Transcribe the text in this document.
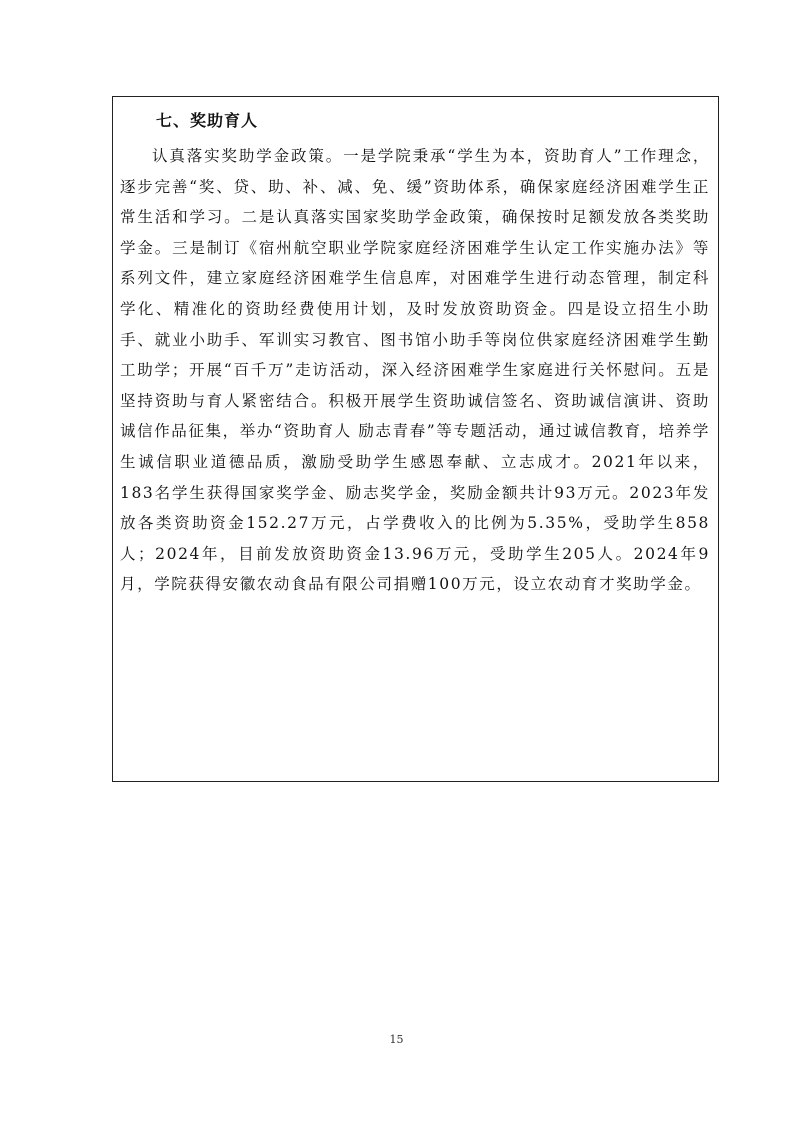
七、奖助育人

认真落实奖助学金政策。一是学院秉承“学生为本，资助育人”工作理念，逐步完善“奖、贷、助、补、减、免、缓”资助体系，确保家庭经济困难学生正常生活和学习。二是认真落实国家奖助学金政策，确保按时足额发放各类奖助学金。三是制订《宿州航空职业学院家庭经济困难学生认定工作实施办法》等系列文件，建立家庭经济困难学生信息库，对困难学生进行动态管理，制定科学化、精准化的资助经费使用计划，及时发放资助资金。四是设立招生小助手、就业小助手、军训实习教官、图书馆小助手等岗位供家庭经济困难学生勤工助学；开展“百千万”走访活动，深入经济困难学生家庭进行关怀慰问。五是坚持资助与育人紧密结合。积极开展学生资助诚信签名、资助诚信演讲、资助诚信作品征集，举办“资助育人 励志青春”等专题活动，通过诚信教育，培养学生诚信职业道德品质，激励受助学生感恩奉献、立志成才。2021年以来，183名学生获得国家奖学金、励志奖学金，奖励金额共计93万元。2023年发放各类资助资金152.27万元，占学费收入的比例为5.35%，受助学生858人；2024年，目前发放资助资金13.96万元，受助学生205人。2024年9月，学院获得安徽农动食品有限公司捐赠100万元，设立农动育才奖助学金。

15
